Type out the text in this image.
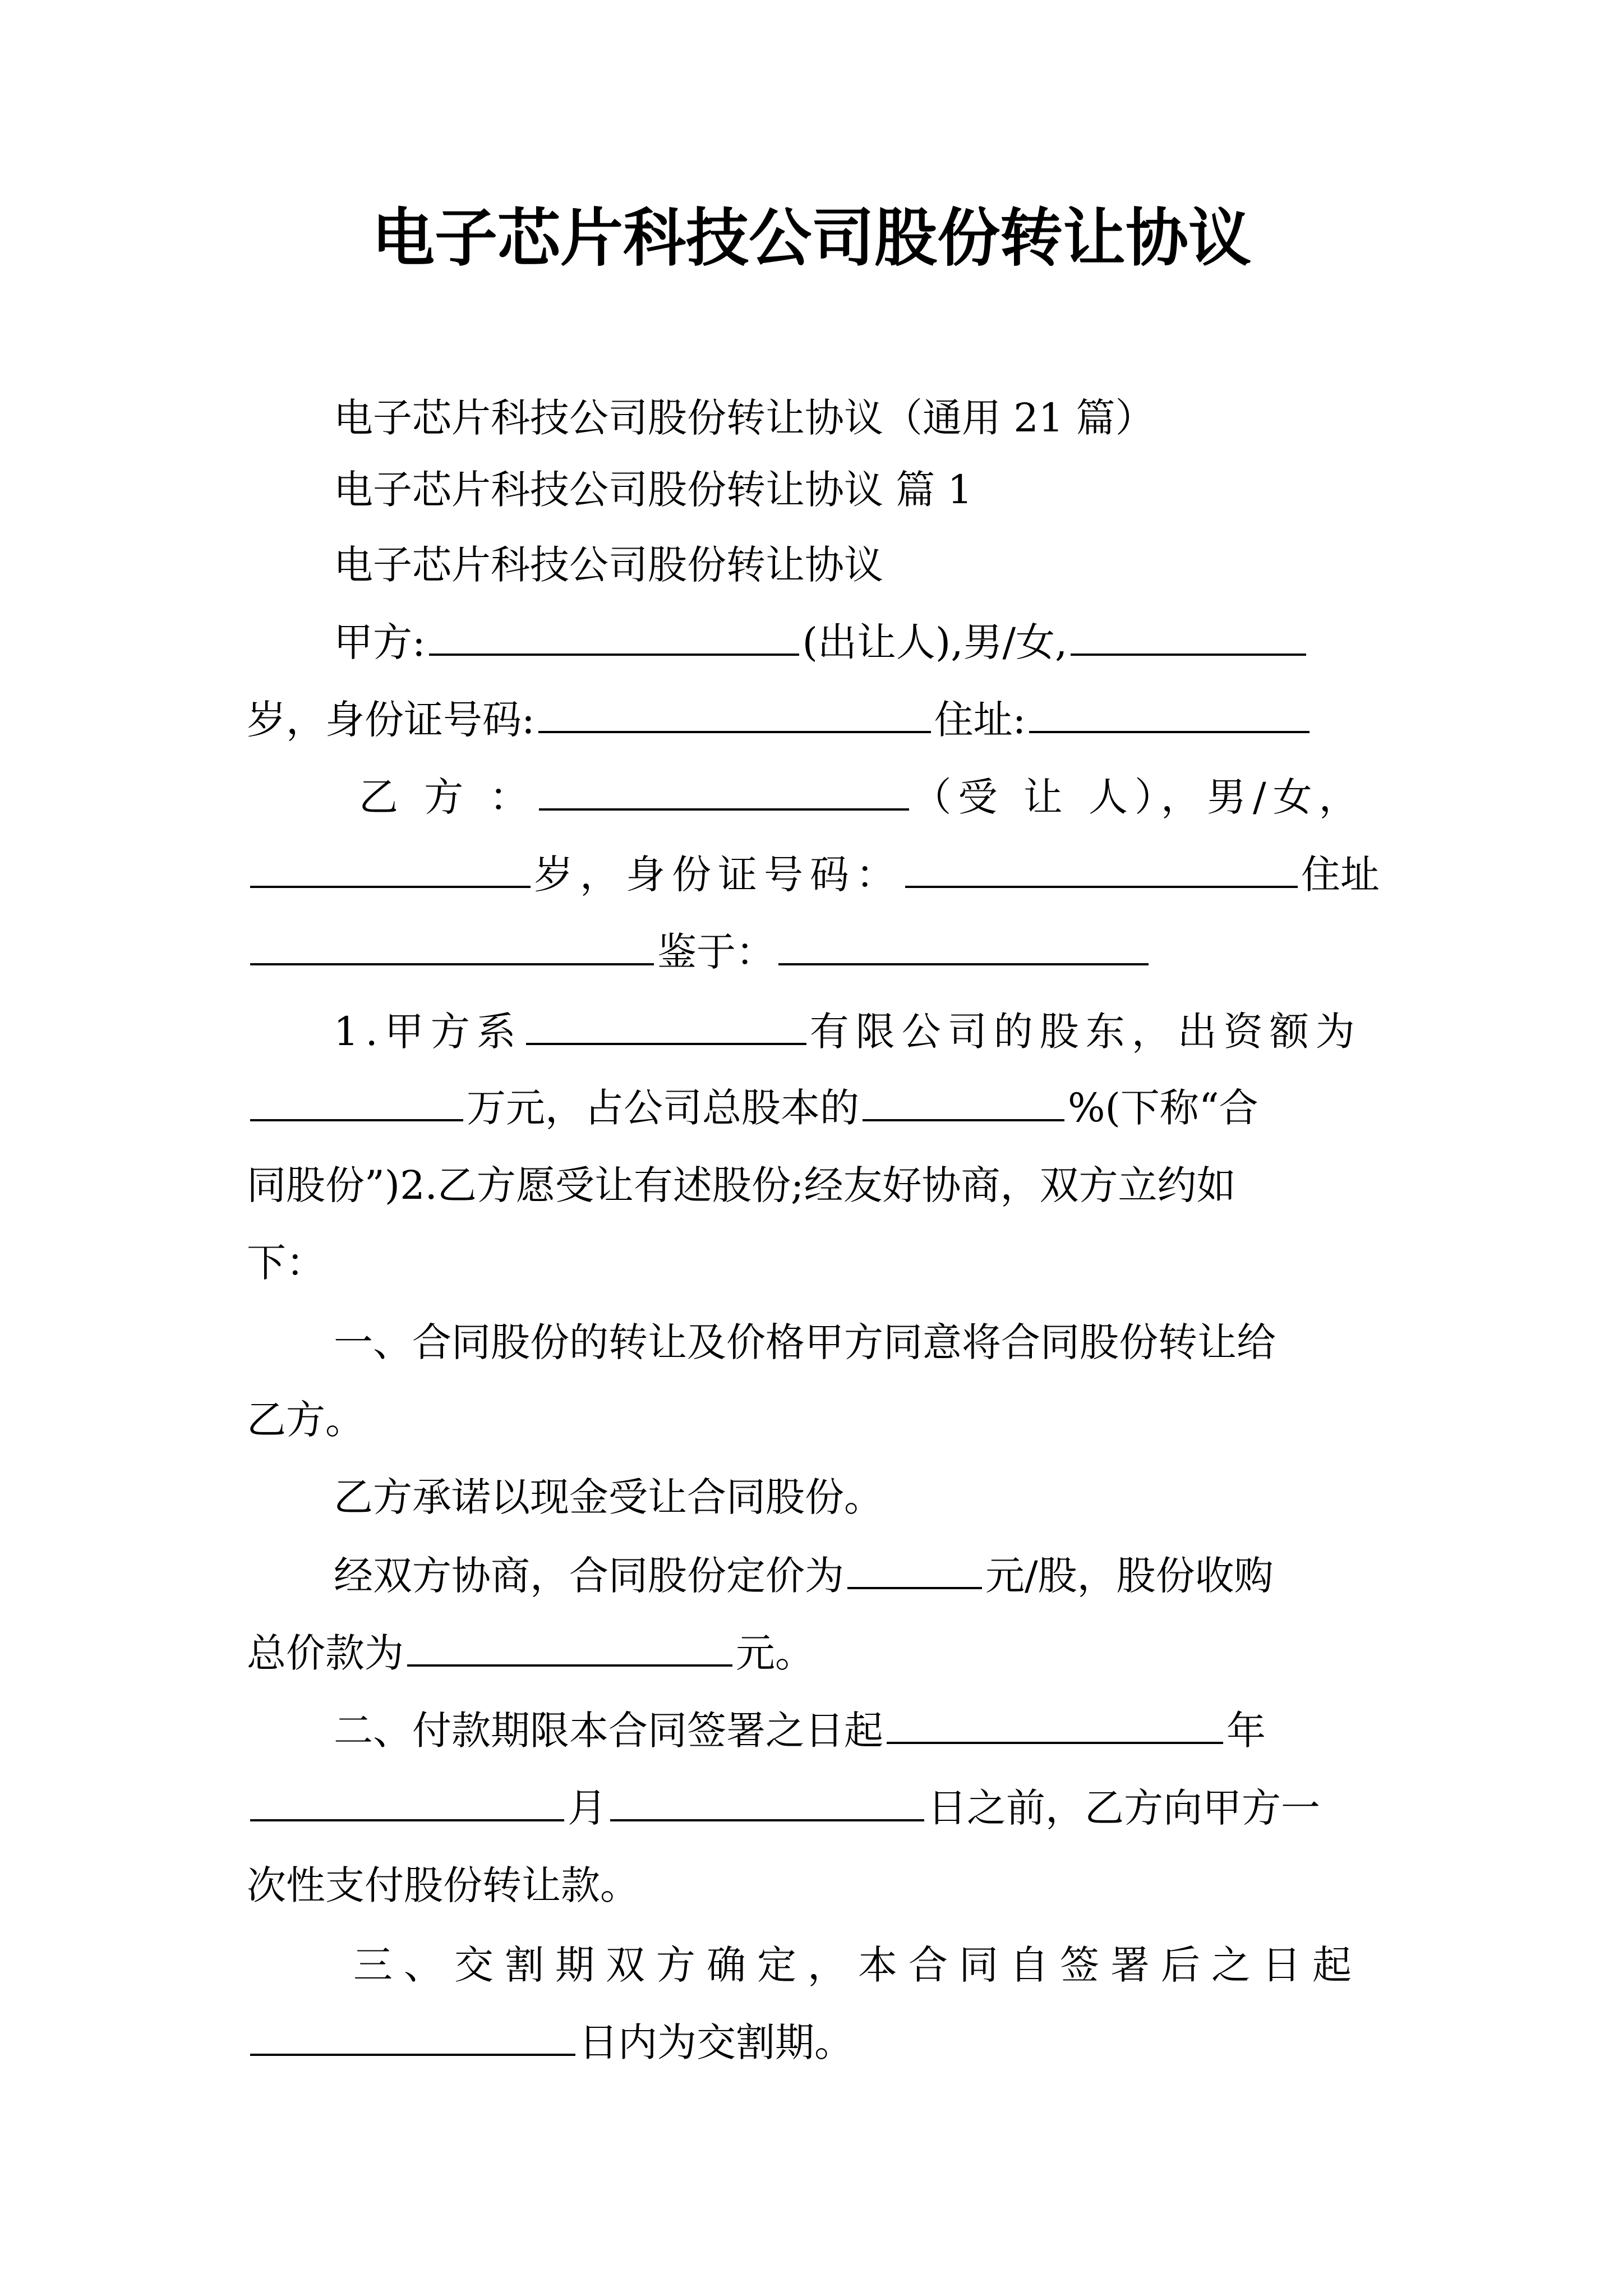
电子芯片科技公司股份转让协议
电子芯片科技公司股份转让协议（通用 21 篇）
电子芯片科技公司股份转让协议 篇 1
电子芯片科技公司股份转让协议
甲方:	(出让人),男/女,
岁，身份证号码:	住址:
乙 方 ：	（受 让 人），男/女，
岁，身份证号码：	住址
鉴于：
1.甲方系	有限公司的股东，出资额为
万元，占公司总股本的	%(下称“合
同股份”)2.乙方愿受让有述股份;经友好协商，双方立约如
下：
一、合同股份的转让及价格甲方同意将合同股份转让给
乙方。
乙方承诺以现金受让合同股份。
经双方协商，合同股份定价为	元/股，股份收购
总价款为	元。
二、付款期限本合同签署之日起	年
月	日之前，乙方向甲方一
次性支付股份转让款。
三、交割期双方确定，本合同自签署后之日起
日内为交割期。
